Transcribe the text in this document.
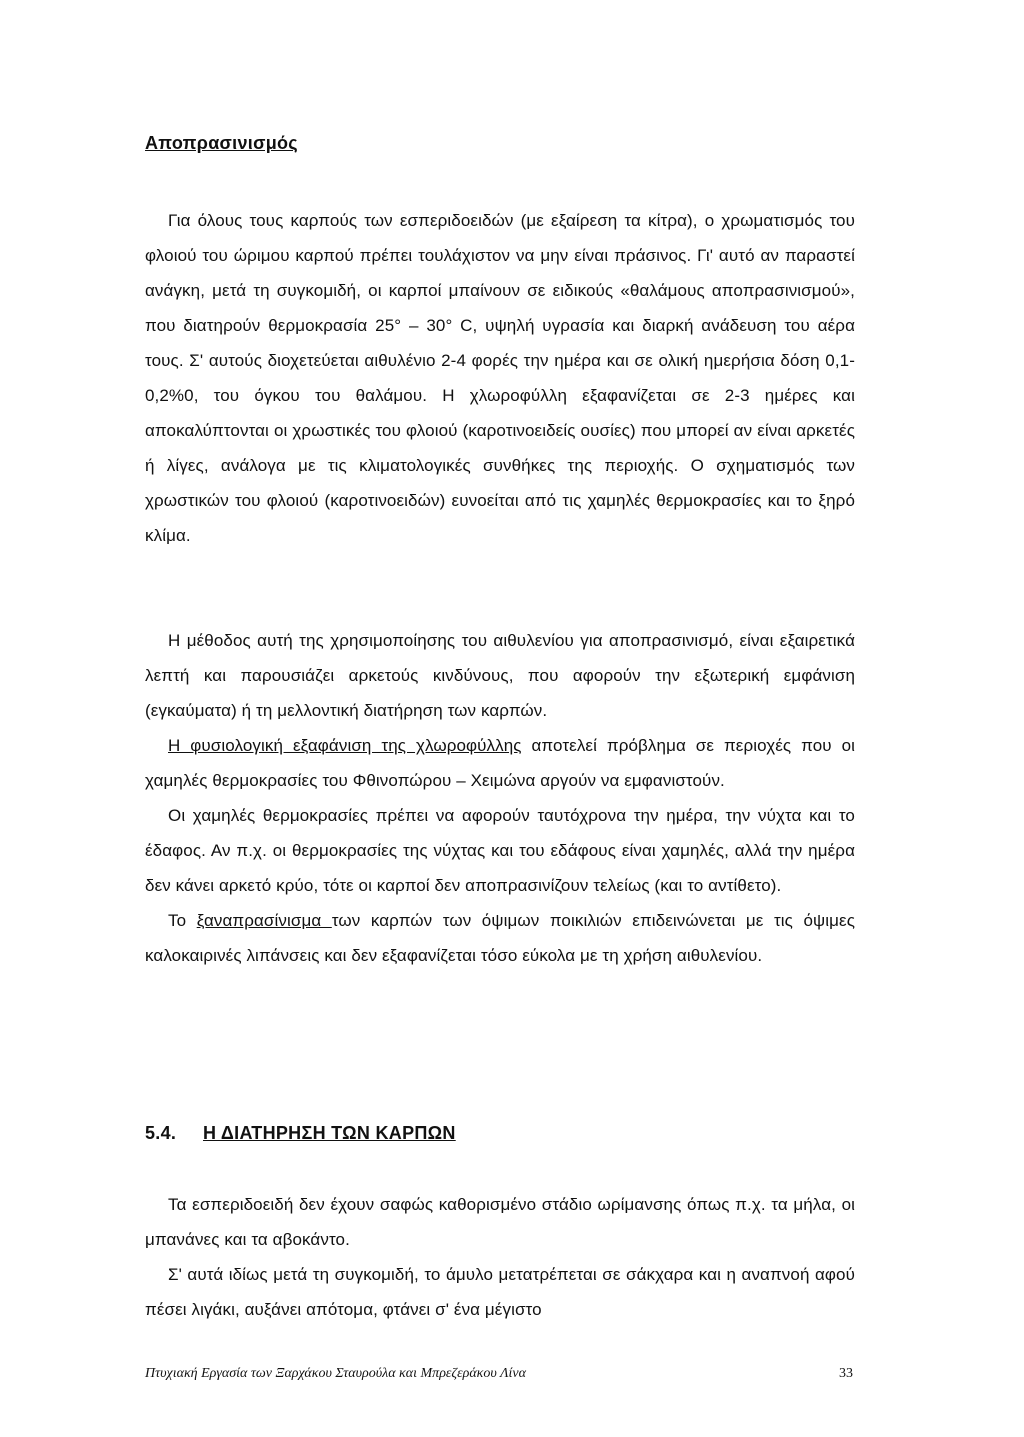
Αποπρασινισμός
Για όλους τους καρπούς των εσπεριδοειδών (με εξαίρεση τα κίτρα), ο χρωματισμός του φλοιού του ώριμου καρπού πρέπει τουλάχιστον να μην είναι πράσινος. Γι' αυτό αν παραστεί ανάγκη, μετά τη συγκομιδή, οι καρποί μπαίνουν σε ειδικούς «θαλάμους αποπρασινισμού», που διατηρούν θερμοκρασία 25° – 30° C, υψηλή υγρασία και διαρκή ανάδευση του αέρα τους. Σ' αυτούς διοχετεύεται αιθυλένιο 2-4 φορές την ημέρα και σε ολική ημερήσια δόση 0,1-0,2%0, του όγκου του θαλάμου. Η χλωροφύλλη εξαφανίζεται σε 2-3 ημέρες και αποκαλύπτονται οι χρωστικές του φλοιού (καροτινοειδείς ουσίες) που μπορεί αν είναι αρκετές ή λίγες, ανάλογα με τις κλιματολογικές συνθήκες της περιοχής. Ο σχηματισμός των χρωστικών του φλοιού (καροτινοειδών) ευνοείται από τις χαμηλές θερμοκρασίες και το ξηρό κλίμα.
Η μέθοδος αυτή της χρησιμοποίησης του αιθυλενίου για αποπρασινισμό, είναι εξαιρετικά λεπτή και παρουσιάζει αρκετούς κινδύνους, που αφορούν την εξωτερική εμφάνιση (εγκαύματα) ή τη μελλοντική διατήρηση των καρπών.
Η φυσιολογική εξαφάνιση της χλωροφύλλης αποτελεί πρόβλημα σε περιοχές που οι χαμηλές θερμοκρασίες του Φθινοπώρου – Χειμώνα αργούν να εμφανιστούν.
Οι χαμηλές θερμοκρασίες πρέπει να αφορούν ταυτόχρονα την ημέρα, την νύχτα και το έδαφος. Αν π.χ. οι θερμοκρασίες της νύχτας και του εδάφους είναι χαμηλές, αλλά την ημέρα δεν κάνει αρκετό κρύο, τότε οι καρποί δεν αποπρασινίζουν τελείως (και το αντίθετο).
Το ξαναπρασίνισμα των καρπών των όψιμων ποικιλιών επιδεινώνεται με τις όψιμες καλοκαιρινές λιπάνσεις και δεν εξαφανίζεται τόσο εύκολα με τη χρήση αιθυλενίου.
5.4. Η ΔΙΑΤΗΡΗΣΗ ΤΩΝ ΚΑΡΠΩΝ
Τα εσπεριδοειδή δεν έχουν σαφώς καθορισμένο στάδιο ωρίμανσης όπως π.χ. τα μήλα, οι μπανάνες και τα αβοκάντο.
Σ' αυτά ιδίως μετά τη συγκομιδή, το άμυλο μετατρέπεται σε σάκχαρα και η αναπνοή αφού πέσει λιγάκι, αυξάνει απότομα, φτάνει σ' ένα μέγιστο
Πτυχιακή Εργασία των Ξαρχάκου Σταυρούλα και Μπρεζεράκου Λίνα	33
